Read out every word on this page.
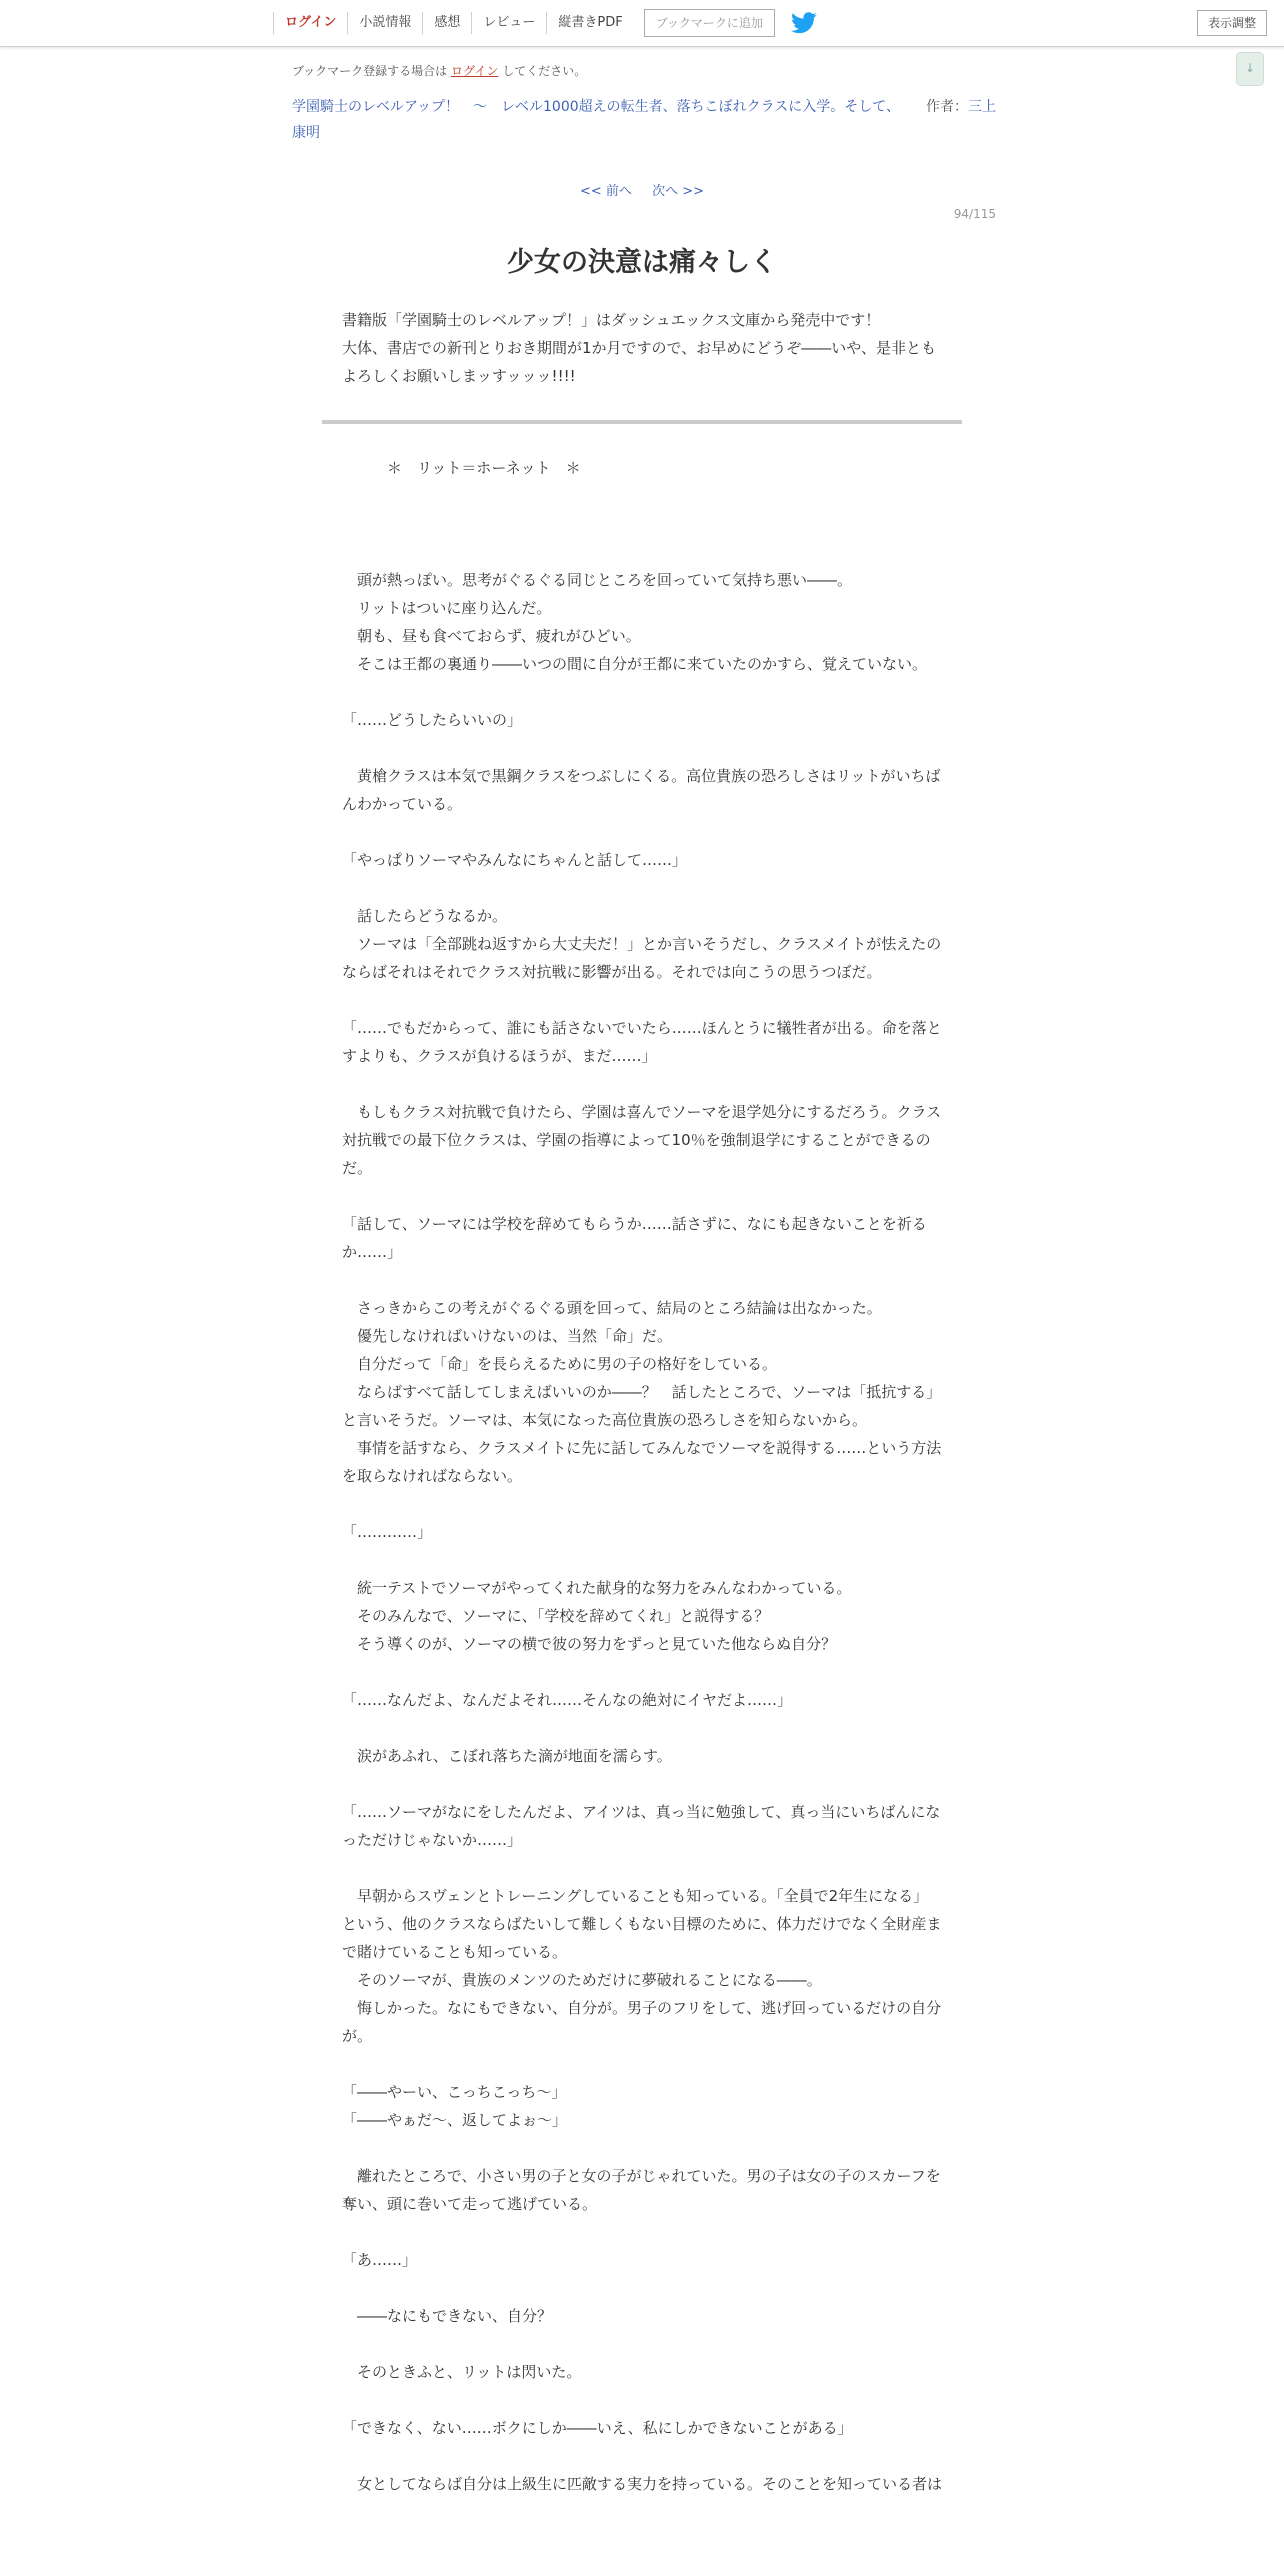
ログイン	小説情報	感想	レビュー	縦書きPDF	ブックマークに追加	表示調整
↓
ブックマーク登録する場合は ログイン してください。
学園騎士のレベルアップ！　〜　レベル1000超えの転生者、落ちこぼれクラスに入学。そして、 作者：三上康明
<< 前へ 次へ >>
94/115
少女の決意は痛々しく

書籍版「学園騎士のレベルアップ！」はダッシュエックス文庫から発売中です！

大体、書店での新刊とりおき期間が1か月ですので、お早めにどうぞ――いや、是非ともよろしくお願いしまッすッッッ!!!!

　　　＊　リット＝ホーネット　＊

　頭が熱っぽい。思考がぐるぐる同じところを回っていて気持ち悪い――。

　リットはついに座り込んだ。

　朝も、昼も食べておらず、疲れがひどい。

　そこは王都の裏通り――いつの間に自分が王都に来ていたのかすら、覚えていない。

「……どうしたらいいの」

　黄槍クラスは本気で黒鋼クラスをつぶしにくる。高位貴族の恐ろしさはリットがいちばんわかっている。

「やっぱりソーマやみんなにちゃんと話して……」

　話したらどうなるか。

　ソーマは「全部跳ね返すから大丈夫だ！」とか言いそうだし、クラスメイトが怯えたのならばそれはそれでクラス対抗戦に影響が出る。それでは向こうの思うつぼだ。

「……でもだからって、誰にも話さないでいたら……ほんとうに犠牲者が出る。命を落とすよりも、クラスが負けるほうが、まだ……」

　もしもクラス対抗戦で負けたら、学園は喜んでソーマを退学処分にするだろう。クラス対抗戦での最下位クラスは、学園の指導によって10％を強制退学にすることができるのだ。

「話して、ソーマには学校を辞めてもらうか……話さずに、なにも起きないことを祈るか……」

　さっきからこの考えがぐるぐる頭を回って、結局のところ結論は出なかった。

　優先しなければいけないのは、当然「命」だ。

　自分だって「命」を長らえるために男の子の格好をしている。

　ならばすべて話してしまえばいいのか――？　話したところで、ソーマは「抵抗する」と言いそうだ。ソーマは、本気になった高位貴族の恐ろしさを知らないから。

　事情を話すなら、クラスメイトに先に話してみんなでソーマを説得する……という方法を取らなければならない。

「…………」

　統一テストでソーマがやってくれた献身的な努力をみんなわかっている。

　そのみんなで、ソーマに、「学校を辞めてくれ」と説得する？

　そう導くのが、ソーマの横で彼の努力をずっと見ていた他ならぬ自分？

「……なんだよ、なんだよそれ……そんなの絶対にイヤだよ……」

　涙があふれ、こぼれ落ちた滴が地面を濡らす。

「……ソーマがなにをしたんだよ、アイツは、真っ当に勉強して、真っ当にいちばんになっただけじゃないか……」

　早朝からスヴェンとトレーニングしていることも知っている。「全員で2年生になる」という、他のクラスならばたいして難しくもない目標のために、体力だけでなく全財産まで賭けていることも知っている。

　そのソーマが、貴族のメンツのためだけに夢破れることになる――。

　悔しかった。なにもできない、自分が。男子のフリをして、逃げ回っているだけの自分が。

「――やーい、こっちこっち～」

「――やぁだ～、返してよぉ～」

　離れたところで、小さい男の子と女の子がじゃれていた。男の子は女の子のスカーフを奪い、頭に巻いて走って逃げている。

「あ……」

　――なにもできない、自分？

　そのときふと、リットは閃いた。

「できなく、ない……ボクにしか――いえ、私にしかできないことがある」

　女としてならば自分は上級生に匹敵する実力を持っている。そのことを知っている者は
